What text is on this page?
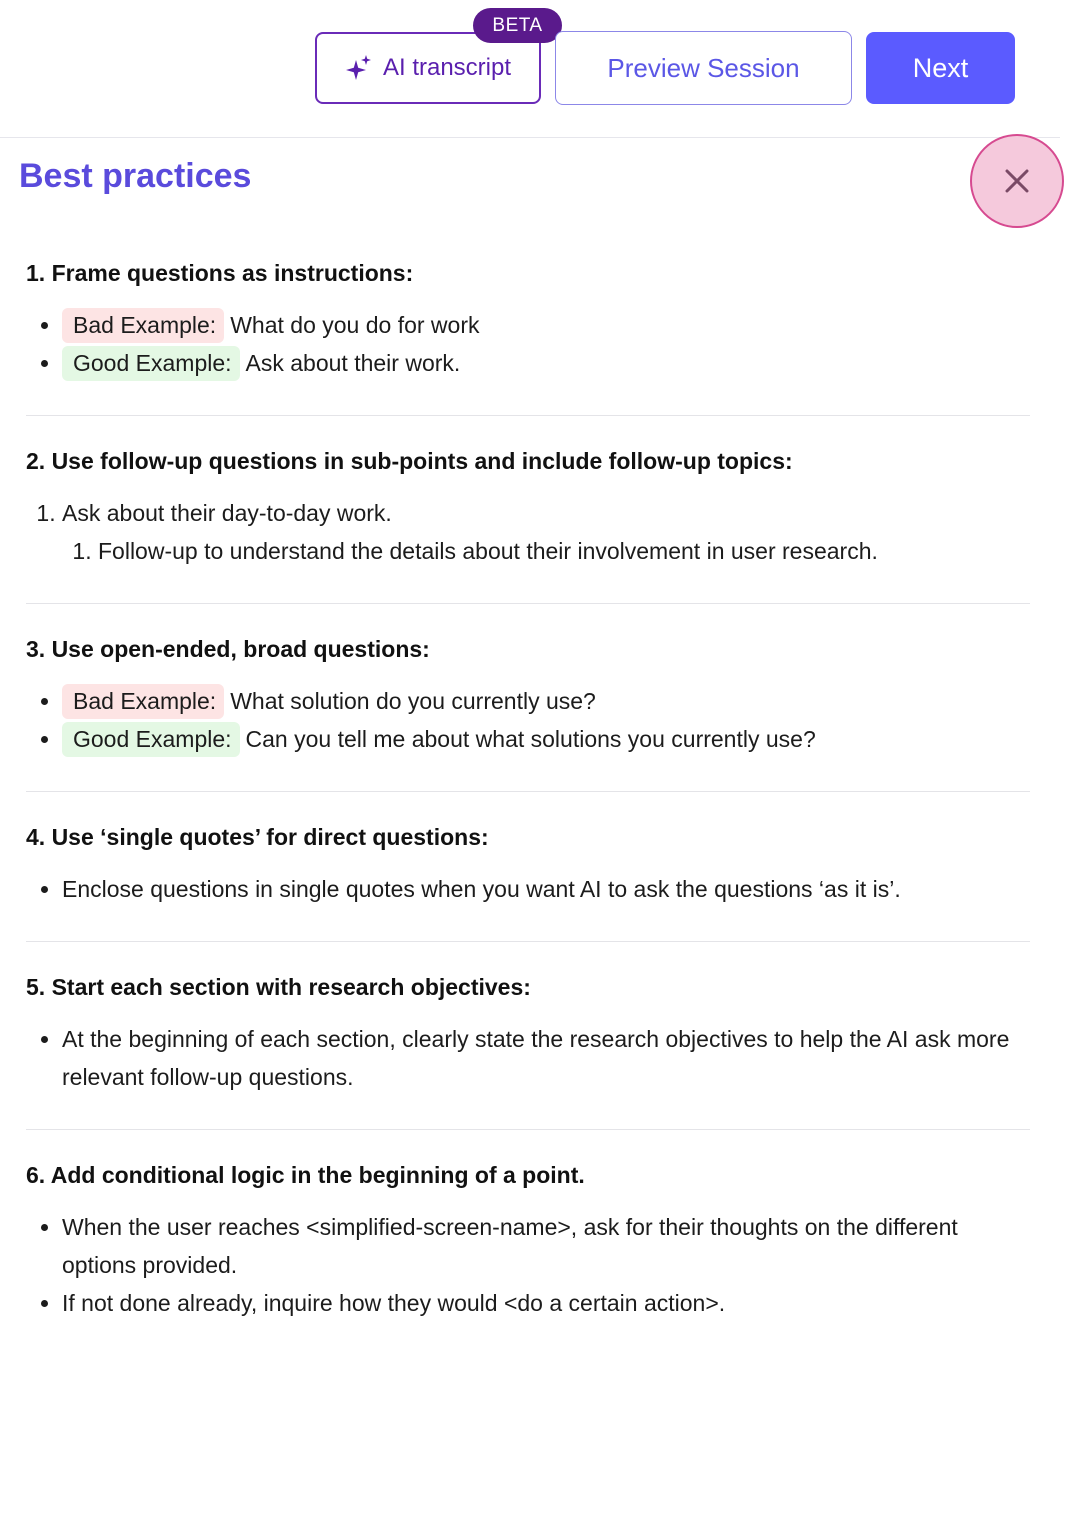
AI transcript
BETA
Preview Session	Next
Best practices
1. Frame questions as instructions:
• Bad Example: What do you do for work
• Good Example: Ask about their work.
2. Use follow-up questions in sub-points and include follow-up topics:
1. Ask about their day-to-day work.
1. Follow-up to understand the details about their involvement in user research.
3. Use open-ended, broad questions:
• Bad Example: What solution do you currently use?
• Good Example: Can you tell me about what solutions you currently use?
4. Use ‘single quotes’ for direct questions:
• Enclose questions in single quotes when you want AI to ask the questions ‘as it is’.
5. Start each section with research objectives:
• At the beginning of each section, clearly state the research objectives to help the AI ask more relevant follow-up questions.
6. Add conditional logic in the beginning of a point.
• When the user reaches <simplified-screen-name>, ask for their thoughts on the different options provided.
• If not done already, inquire how they would <do a certain action>.
